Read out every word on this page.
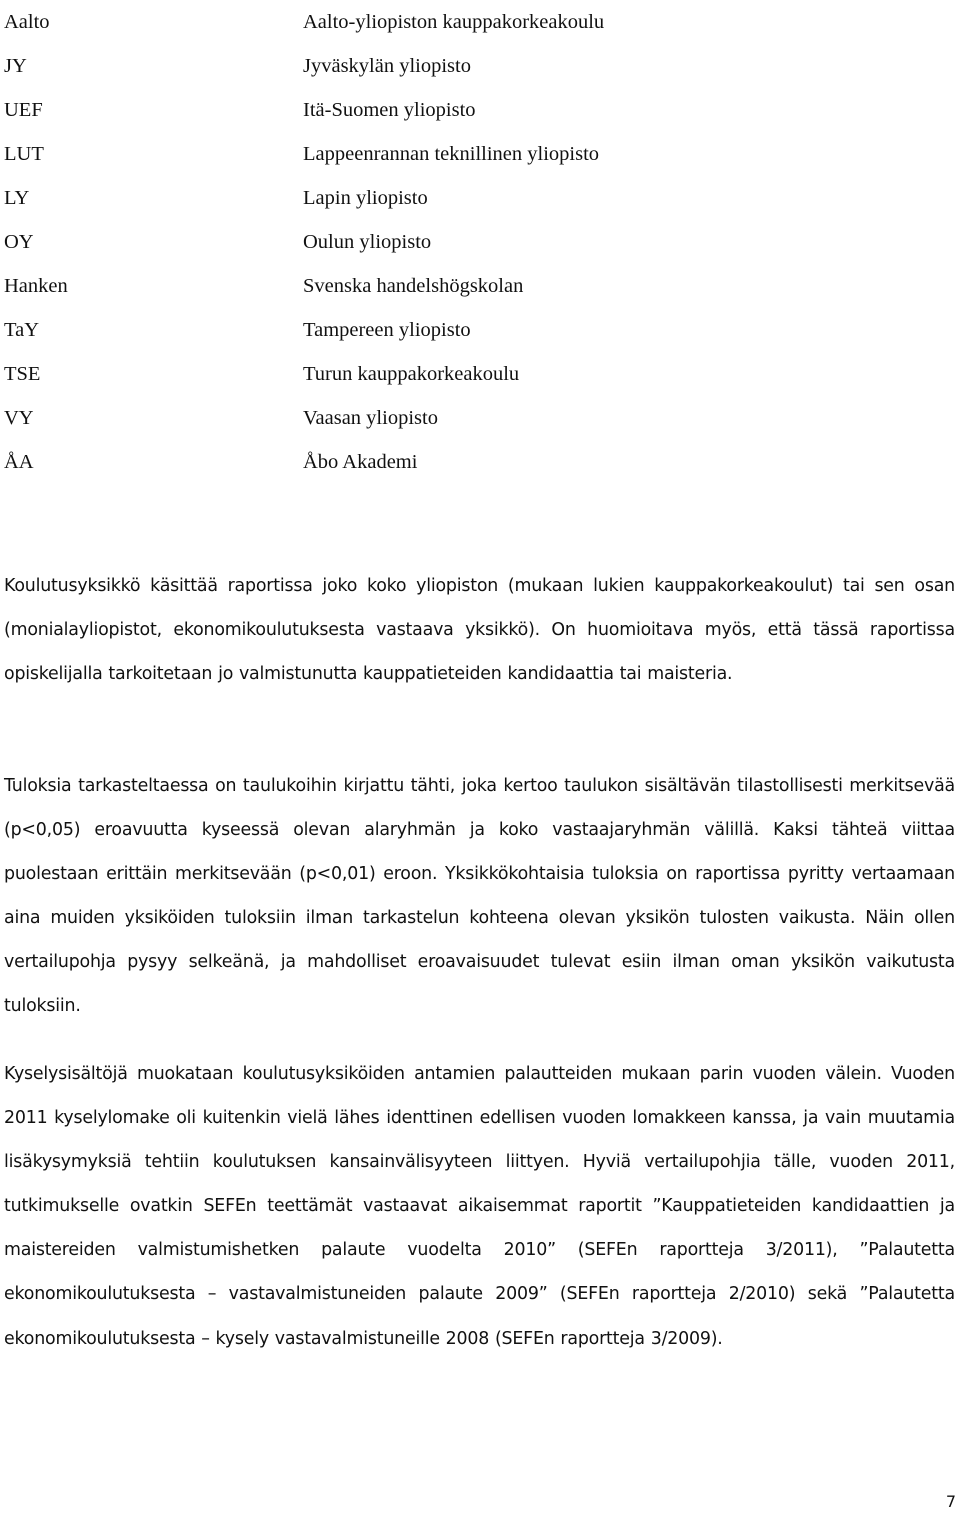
Aalto	Aalto-yliopiston kauppakorkeakoulu
JY	Jyväskylän yliopisto
UEF	Itä-Suomen yliopisto
LUT	Lappeenrannan teknillinen yliopisto
LY	Lapin yliopisto
OY	Oulun yliopisto
Hanken	Svenska handelshögskolan
TaY	Tampereen yliopisto
TSE	Turun kauppakorkeakoulu
VY	Vaasan yliopisto
ÅA	Åbo Akademi

Koulutusyksikkö käsittää raportissa joko koko yliopiston (mukaan lukien kauppakorkeakoulut) tai sen osan (monialayliopistot, ekonomikoulutuksesta vastaava yksikkö). On huomioitava myös, että tässä raportissa opiskelijalla tarkoitetaan jo valmistunutta kauppatieteiden kandidaattia tai maisteria.

Tuloksia tarkasteltaessa on taulukoihin kirjattu tähti, joka kertoo taulukon sisältävän tilastollisesti merkitsevää (p<0,05) eroavuutta kyseessä olevan alaryhmän ja koko vastaajaryhmän välillä. Kaksi tähteä viittaa puolestaan erittäin merkitsevään (p<0,01) eroon. Yksikkökohtaisia tuloksia on raportissa pyritty vertaamaan aina muiden yksiköiden tuloksiin ilman tarkastelun kohteena olevan yksikön tulosten vaikusta. Näin ollen vertailupohja pysyy selkeänä, ja mahdolliset eroavaisuudet tulevat esiin ilman oman yksikön vaikutusta tuloksiin.

Kyselysisältöjä muokataan koulutusyksiköiden antamien palautteiden mukaan parin vuoden välein. Vuoden 2011 kyselylomake oli kuitenkin vielä lähes identtinen edellisen vuoden lomakkeen kanssa, ja vain muutamia lisäkysymyksiä tehtiin koulutuksen kansainvälisyyteen liittyen. Hyviä vertailupohjia tälle, vuoden 2011, tutkimukselle ovatkin SEFEn teettämät vastaavat aikaisemmat raportit ”Kauppatieteiden kandidaattien ja maistereiden valmistumishetken palaute vuodelta 2010” (SEFEn raportteja 3/2011), ”Palautetta ekonomikoulutuksesta – vastavalmistuneiden palaute 2009” (SEFEn raportteja 2/2010) sekä ”Palautetta ekonomikoulutuksesta – kysely vastavalmistuneille 2008 (SEFEn raportteja 3/2009).

7
